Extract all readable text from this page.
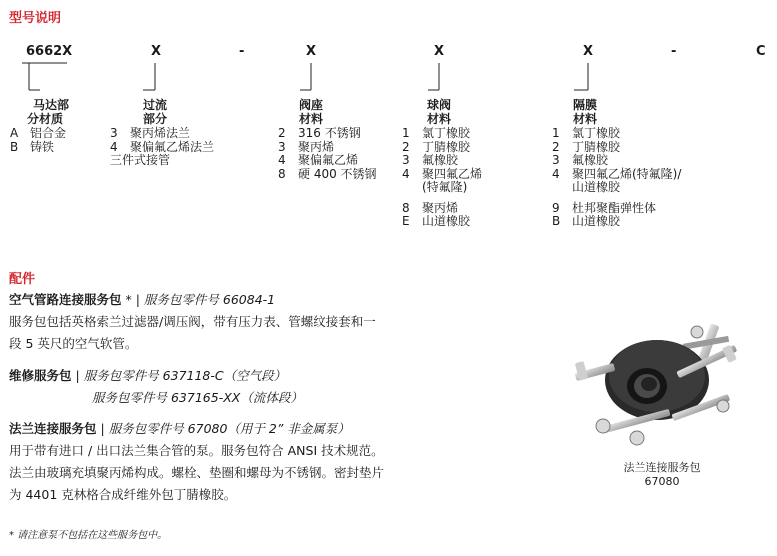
型号说明
6662X	X	-	X	X	X	-	C
马达部
分材质
过流
部分
阀座
材料
球阀
材料
隔膜
材料
A 铝合金
B 铸铁
3	聚丙烯法兰
4	聚偏氟乙烯法兰
三件式接管
2	316 不锈钢
3	聚丙烯
4	聚偏氟乙烯
8	硬 400 不锈钢
1	氯丁橡胶
2	丁腈橡胶
3	氟橡胶
4	聚四氟乙烯
(特氟隆)
8	聚丙烯
E	山道橡胶
1	氯丁橡胶
2	丁腈橡胶
3	氟橡胶
4	聚四氟乙烯(特氟隆)/
山道橡胶
9	杜邦聚酯弹性体
B 山道橡胶
配件
空气管路连接服务包 * | 服务包零件号 66084-1
服务包包括英格索兰过滤器/调压阀，带有压力表、管螺纹接套和一
段 5 英尺的空气软管。
维修服务包 | 服务包零件号 637118-C（空气段）
服务包零件号 637165-XX（流体段）
法兰连接服务包 | 服务包零件号 67080（用于 2” 非金属泵）
用于带有进口 / 出口法兰集合管的泵。服务包符合 ANSI 技术规范。
法兰由玻璃充填聚丙烯构成。螺栓、垫圈和螺母为不锈钢。密封垫片
为 4401 克林格合成纤维外包丁腈橡胶。
* 请注意泵不包括在这些服务包中。
法兰连接服务包
67080
